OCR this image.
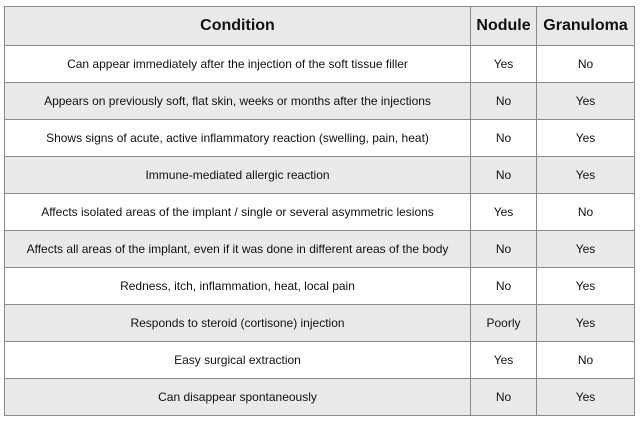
Condition	Nodule	Granuloma
Can appear immediately after the injection of the soft tissue filler	Yes	No
Appears on previously soft, flat skin, weeks or months after the injections	No	Yes
Shows signs of acute, active inflammatory reaction (swelling, pain, heat)	No	Yes
Immune-mediated allergic reaction	No	Yes
Affects isolated areas of the implant / single or several asymmetric lesions	Yes	No
Affects all areas of the implant, even if it was done in different areas of the body	No	Yes
Redness, itch, inflammation, heat, local pain	No	Yes
Responds to steroid (cortisone) injection	Poorly	Yes
Easy surgical extraction	Yes	No
Can disappear spontaneously	No	Yes
